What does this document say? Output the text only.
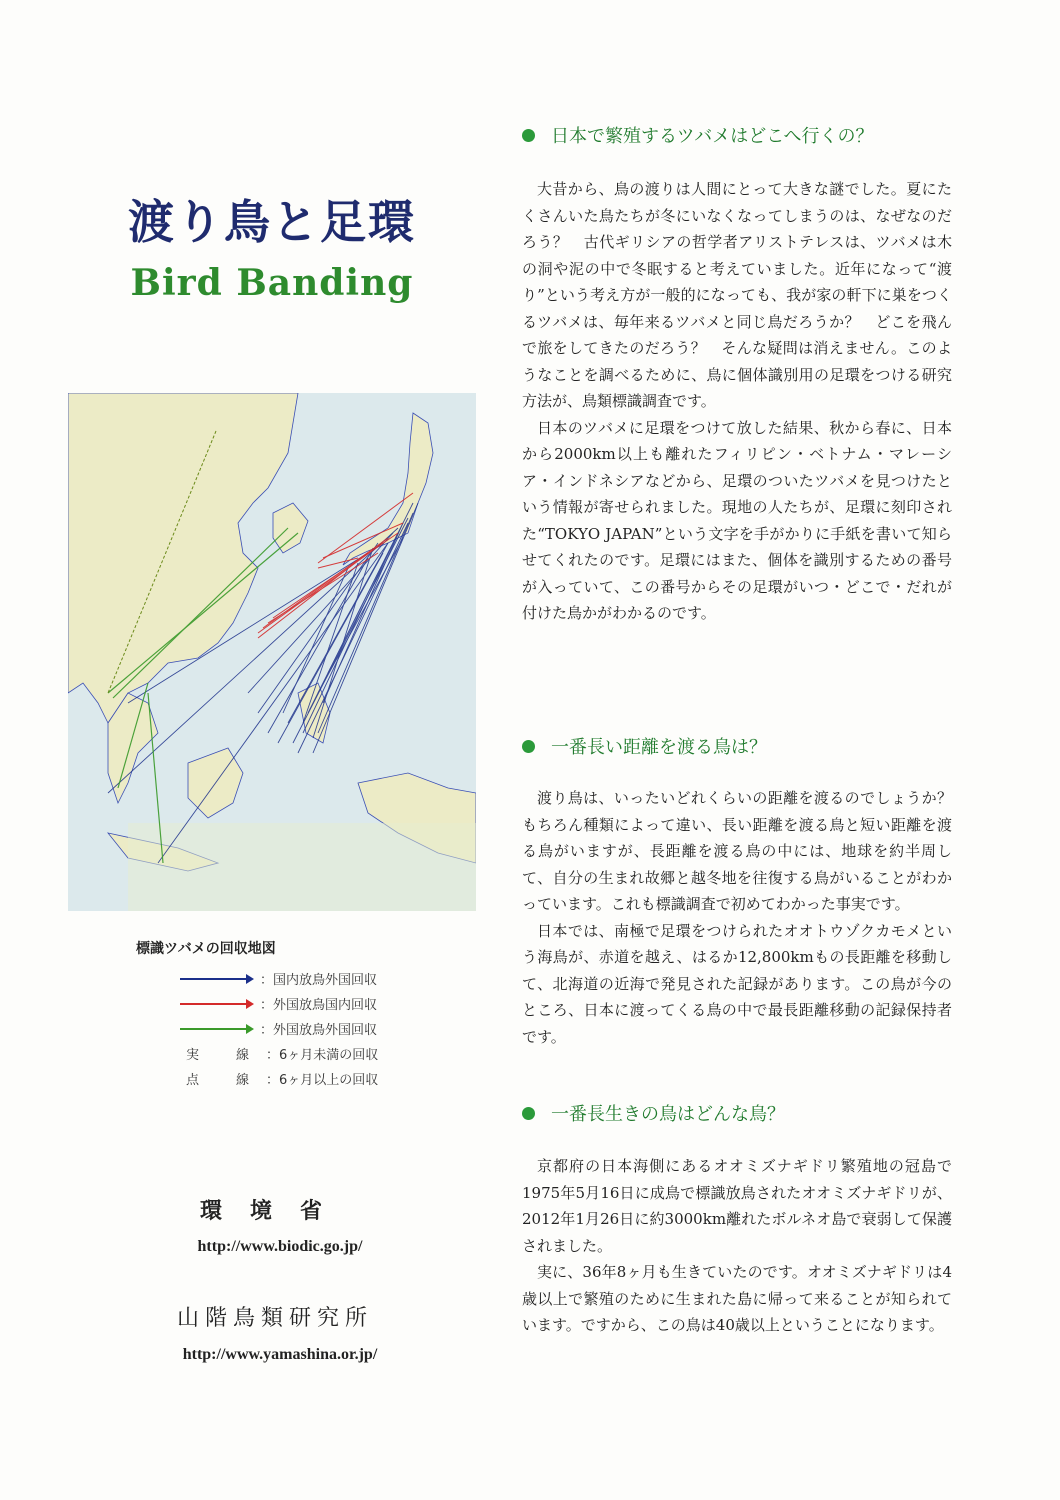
渡り鳥と足環
Bird Banding
標識ツバメの回収地図
：国内放鳥外国回収
：外国放鳥国内回収
：外国放鳥外国回収
実　線 ：6ヶ月未満の回収
点　線 ：6ヶ月以上の回収
環境省
http://www.biodic.go.jp/
山階鳥類研究所
http://www.yamashina.or.jp/
日本で繁殖するツバメはどこへ行くの？

大昔から、鳥の渡りは人間にとって大きな謎でした。夏にたくさんいた鳥たちが冬にいなくなってしまうのは、なぜなのだろう？　古代ギリシアの哲学者アリストテレスは、ツバメは木の洞や泥の中で冬眠すると考えていました。近年になって“渡り”という考え方が一般的になっても、我が家の軒下に巣をつくるツバメは、毎年来るツバメと同じ鳥だろうか？　どこを飛んで旅をしてきたのだろう？　そんな疑問は消えません。このようなことを調べるために、鳥に個体識別用の足環をつける研究方法が、鳥類標識調査です。

日本のツバメに足環をつけて放した結果、秋から春に、日本から2000km以上も離れたフィリピン・ベトナム・マレーシア・インドネシアなどから、足環のついたツバメを見つけたという情報が寄せられました。現地の人たちが、足環に刻印された“TOKYO JAPAN”という文字を手がかりに手紙を書いて知らせてくれたのです。足環にはまた、個体を識別するための番号が入っていて、この番号からその足環がいつ・どこで・だれが付けた鳥かがわかるのです。

一番長い距離を渡る鳥は？

渡り鳥は、いったいどれくらいの距離を渡るのでしょうか？　もちろん種類によって違い、長い距離を渡る鳥と短い距離を渡る鳥がいますが、長距離を渡る鳥の中には、地球を約半周して、自分の生まれ故郷と越冬地を往復する鳥がいることがわかっています。これも標識調査で初めてわかった事実です。

日本では、南極で足環をつけられたオオトウゾクカモメという海鳥が、赤道を越え、はるか12,800kmもの長距離を移動して、北海道の近海で発見された記録があります。この鳥が今のところ、日本に渡ってくる鳥の中で最長距離移動の記録保持者です。

一番長生きの鳥はどんな鳥？

京都府の日本海側にあるオオミズナギドリ繁殖地の冠島で1975年5月16日に成鳥で標識放鳥されたオオミズナギドリが、2012年1月26日に約3000km離れたボルネオ島で衰弱して保護されました。

実に、36年8ヶ月も生きていたのです。オオミズナギドリは4歳以上で繁殖のために生まれた島に帰って来ることが知られています。ですから、この鳥は40歳以上ということになります。
